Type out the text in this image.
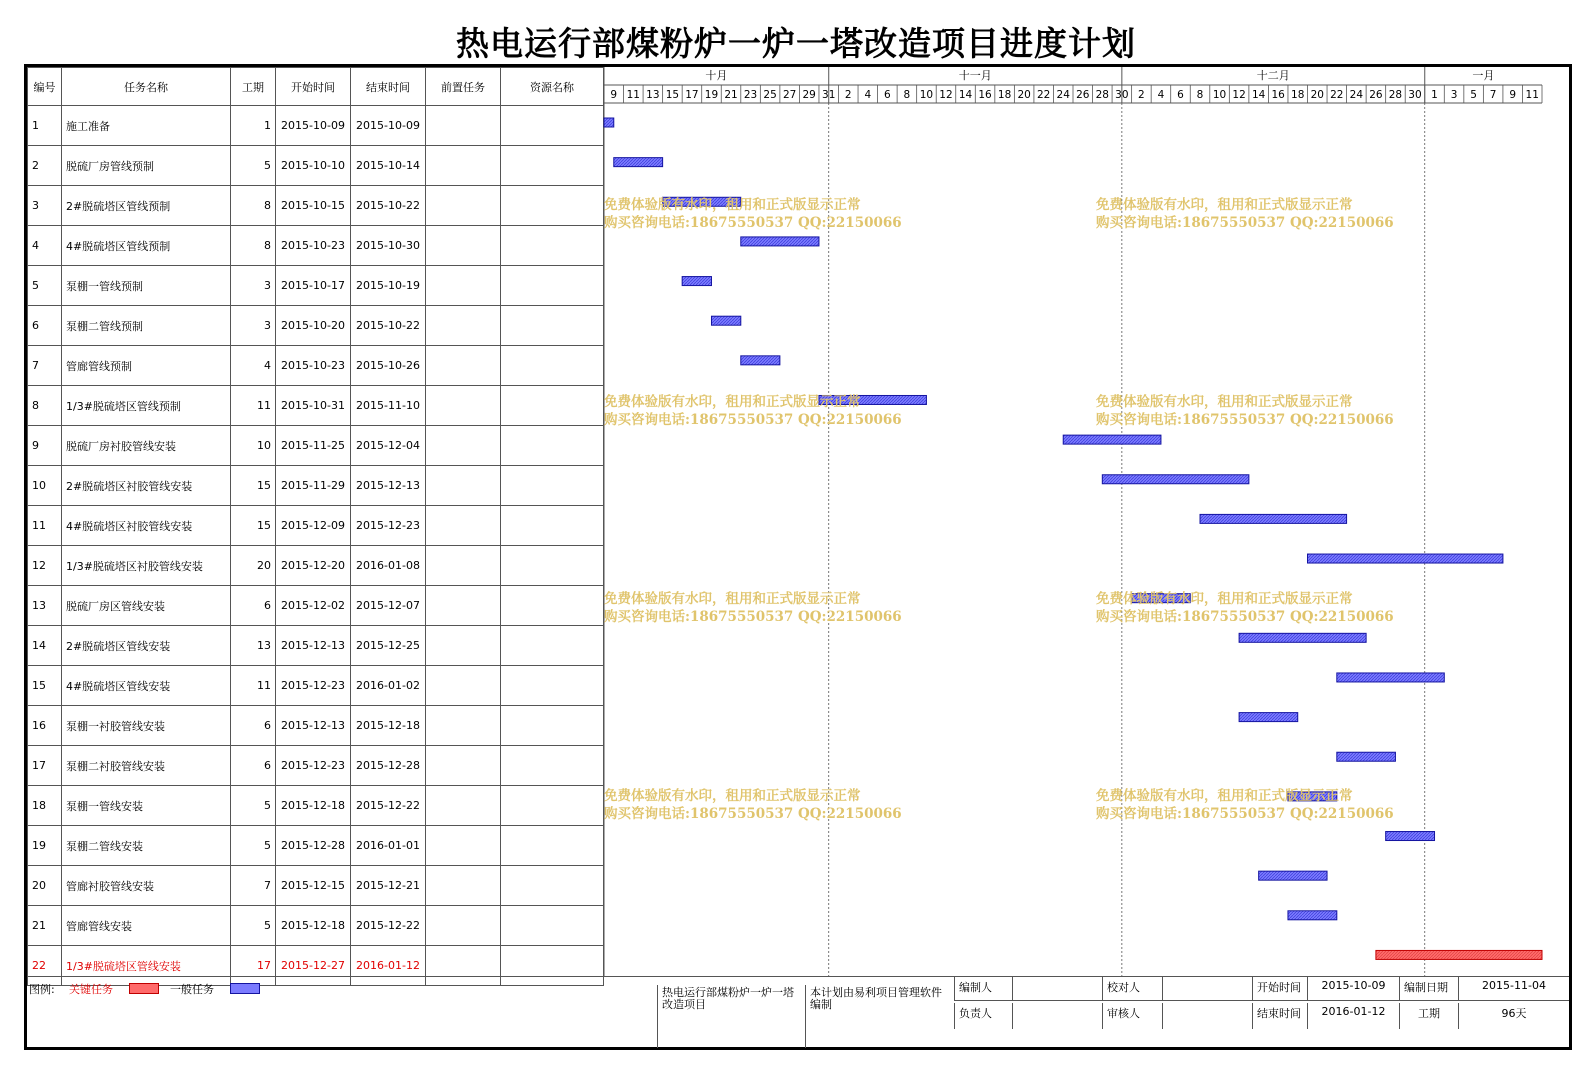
热电运行部煤粉炉一炉一塔改造项目进度计划
编号	任务名称	工期	开始时间	结束时间	前置任务	资源名称
1	施工准备	1	2015-10-09	2015-10-09		
2	脱硫厂房管线预制	5	2015-10-10	2015-10-14		
3	2#脱硫塔区管线预制	8	2015-10-15	2015-10-22		
4	4#脱硫塔区管线预制	8	2015-10-23	2015-10-30		
5	泵棚一管线预制	3	2015-10-17	2015-10-19		
6	泵棚二管线预制	3	2015-10-20	2015-10-22		
7	管廊管线预制	4	2015-10-23	2015-10-26		
8	1/3#脱硫塔区管线预制	11	2015-10-31	2015-11-10		
9	脱硫厂房衬胶管线安装	10	2015-11-25	2015-12-04		
10	2#脱硫塔区衬胶管线安装	15	2015-11-29	2015-12-13		
11	4#脱硫塔区衬胶管线安装	15	2015-12-09	2015-12-23		
12	1/3#脱硫塔区衬胶管线安装	20	2015-12-20	2016-01-08		
13	脱硫厂房区管线安装	6	2015-12-02	2015-12-07		
14	2#脱硫塔区管线安装	13	2015-12-13	2015-12-25		
15	4#脱硫塔区管线安装	11	2015-12-23	2016-01-02		
16	泵棚一衬胶管线安装	6	2015-12-13	2015-12-18		
17	泵棚二衬胶管线安装	6	2015-12-23	2015-12-28		
18	泵棚一管线安装	5	2015-12-18	2015-12-22		
19	泵棚二管线安装	5	2015-12-28	2016-01-01		
20	管廊衬胶管线安装	7	2015-12-15	2015-12-21		
21	管廊管线安装	5	2015-12-18	2015-12-22		
22	1/3#脱硫塔区管线安装	17	2015-12-27	2016-01-12		
十月	十一月	十二月	一月
9 11 13 15 17 19 21 23 25 27 29 31 2 4 6 8 10 12 14 16 18 20 22 24 26 28 30 2 4 6 8 10 12 14 16 18 20 22 24 26 28 30 1 3 5 7 9 11
图例: 关键任务	一般任务	热电运行部煤粉炉一炉一塔改造项目
本计划由易利项目管理软件编制
编制人	校对人	开始时间	2015-10-09	编制日期	2015-11-04
负责人	审核人	结束时间	2016-01-12	工期	96天
免费体验版有水印，租用和正式版显示正常
购买咨询电话:18675550537 QQ:22150066
免费体验版有水印，租用和正式版显示正常
购买咨询电话:18675550537 QQ:22150066
免费体验版有水印，租用和正式版显示正常
购买咨询电话:18675550537 QQ:22150066
免费体验版有水印，租用和正式版显示正常
购买咨询电话:18675550537 QQ:22150066
免费体验版有水印，租用和正式版显示正常
购买咨询电话:18675550537 QQ:22150066
免费体验版有水印，租用和正式版显示正常
购买咨询电话:18675550537 QQ:22150066
免费体验版有水印，租用和正式版显示正常
购买咨询电话:18675550537 QQ:22150066
免费体验版有水印，租用和正式版显示正常
购买咨询电话:18675550537 QQ:22150066
